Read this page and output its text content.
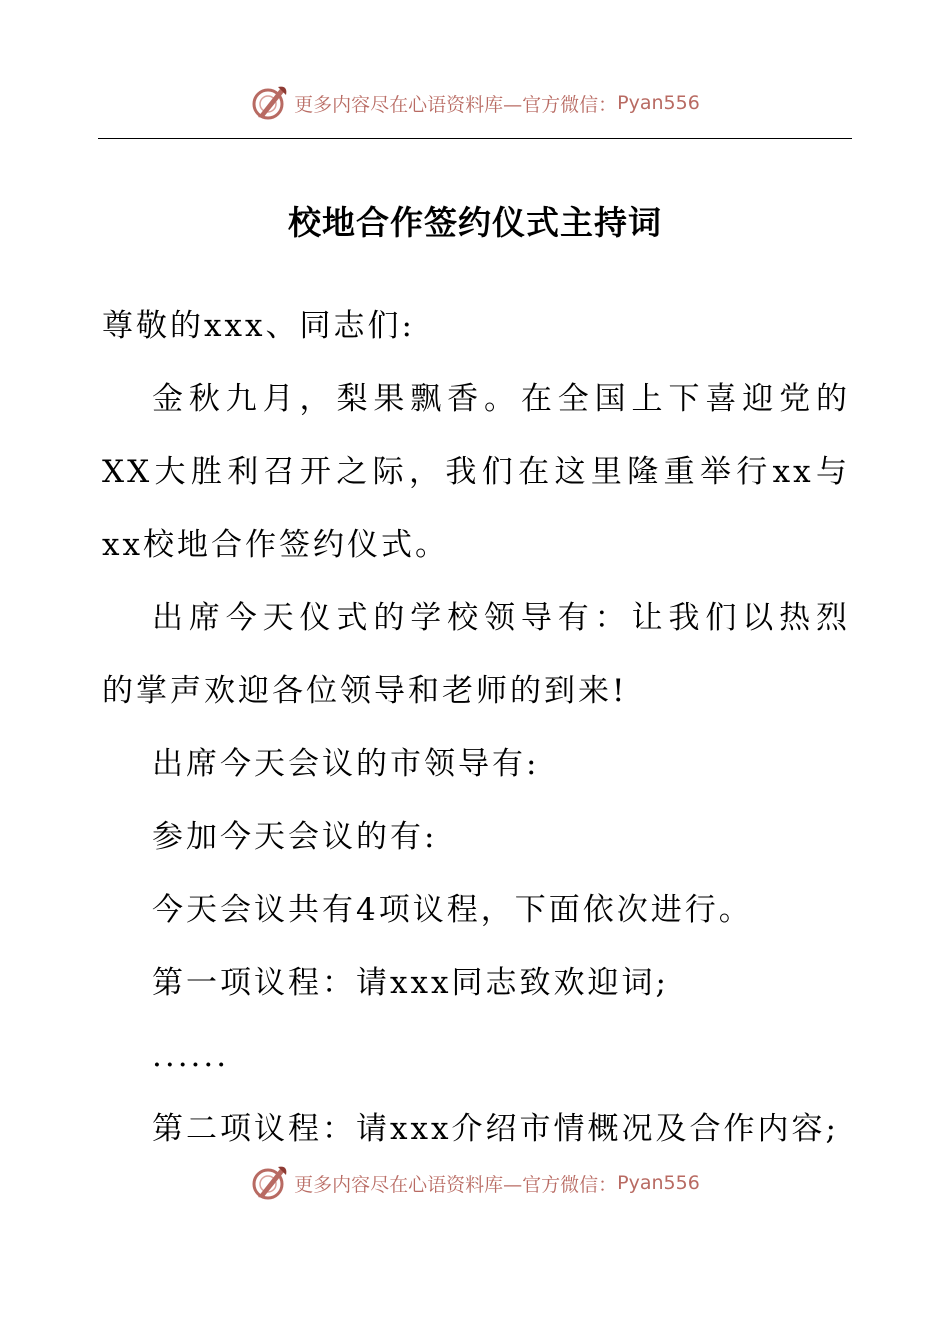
更多内容尽在心语资料库—官方微信： Pyan556
校地合作签约仪式主持词

尊敬的xxx、同志们:

金秋九月，梨果飘香。在全国上下喜迎党的

XX大胜利召开之际，我们在这里隆重举行xx与

xx校地合作签约仪式。

出席今天仪式的学校领导有：让我们以热烈

的掌声欢迎各位领导和老师的到来!

出席今天会议的市领导有:

参加今天会议的有:

今天会议共有4项议程，下面依次进行。

第一项议程：请xxx同志致欢迎词;

......

第二项议程：请xxx介绍市情概况及合作内容;

更多内容尽在心语资料库—官方微信： Pyan556
